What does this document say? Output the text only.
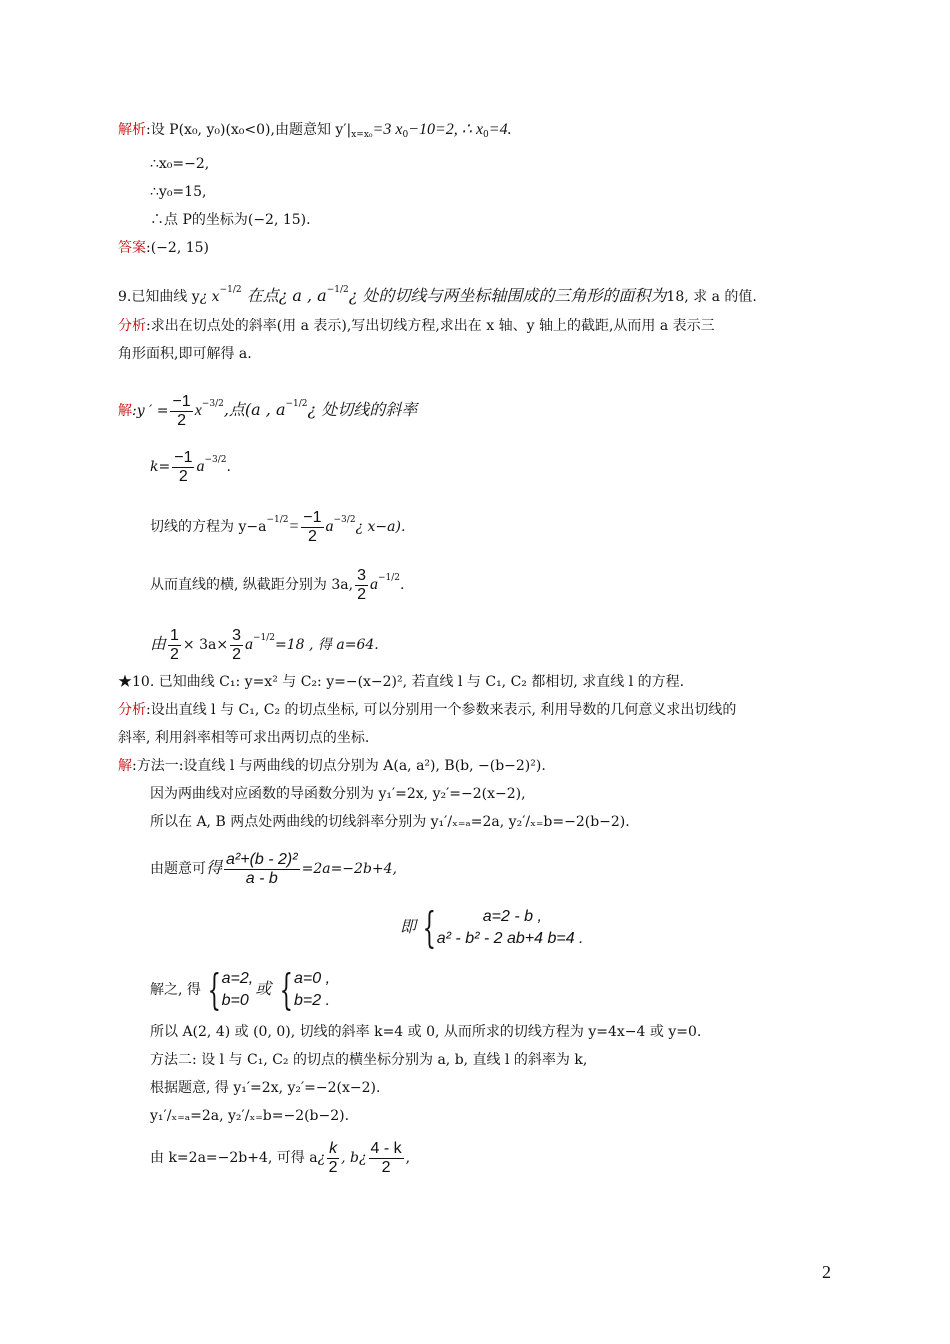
解析:设 P(x₀, y₀)(x₀<0),由题意知 $y'|_{x=x_0}=3$ $x_0-10=2$, ∴ $x_0=4$.
∴x₀=−2,
∴y₀=15,
∴点 P的坐标为(−2, 15).
答案:(−2, 15)
9.已知曲线 y¿ $x^{-1/2}$ 在点¿ a , $a^{-1/2}¿$ 处的切线与两坐标轴围成的三角形的面积为18, 求 a 的值.
分析:求出在切点处的斜率(用 a 表示),写出切线方程,求出在 x 轴、y 轴上的截距,从而用 a 表示三
角形面积,即可解得 a.
解:y ′ = $\frac{-1}{2} x^{-3/2}$,点(a , $a^{-1/2}¿$ 处切线的斜率
$k= \frac{-1}{2} a^{-3/2}$.
切线的方程为 $y-a^{-1/2}= \frac{-1}{2}$ $a^{-3/2}¿$ x−a).
从而直线的横, 纵截距分别为 3a, $\frac{3}{2} a^{-1/2}$.
由 $\frac{1}{2} \times 3a\times \frac{3}{2} a^{-1/2}=18$ , 得 a=64.
★10. 已知曲线 C₁: y=x² 与 C₂: y=−(x−2)², 若直线 l 与 C₁, C₂ 都相切, 求直线 l 的方程.
分析:设出直线 l 与 C₁, C₂ 的切点坐标, 可以分别用一个参数来表示, 利用导数的几何意义求出切线的
斜率, 利用斜率相等可求出两切点的坐标.
解:方法一:设直线 l 与两曲线的切点分别为 A(a, a²), B(b, −(b−2)²).
因为两曲线对应函数的导函数分别为 y₁′=2x, y₂′=−2(x−2),
所以在 A, B 两点处两曲线的切线斜率分别为 y₁′/ₓ₌ₐ=2a, y₂′/ₓ₌b=−2(b−2).
由题意可得 $\frac{\text{a²+(b - 2)²}}{a - b} =2a=-2b+4$,
即 {	a=2 - b ,
a² - b² - 2 ab+4 b=4 .
解之, 得 { a=2,
b=0
或 { a=0 ,
b=2 .
所以 A(2, 4) 或 (0, 0), 切线的斜率 k=4 或 0, 从而所求的切线方程为 y=4x−4 或 y=0.
方法二: 设 l 与 C₁, C₂ 的切点的横坐标分别为 a, b, 直线 l 的斜率为 k,
根据题意, 得 y₁′=2x, y₂′=−2(x−2).
y₁′/ₓ₌ₐ=2a, y₂′/ₓ₌b=−2(b−2).
由 k=2a=−2b+4, 可得 a¿ $\frac{k}{2}$ , b¿ $\frac{4 - k}{2}$ ,
2
